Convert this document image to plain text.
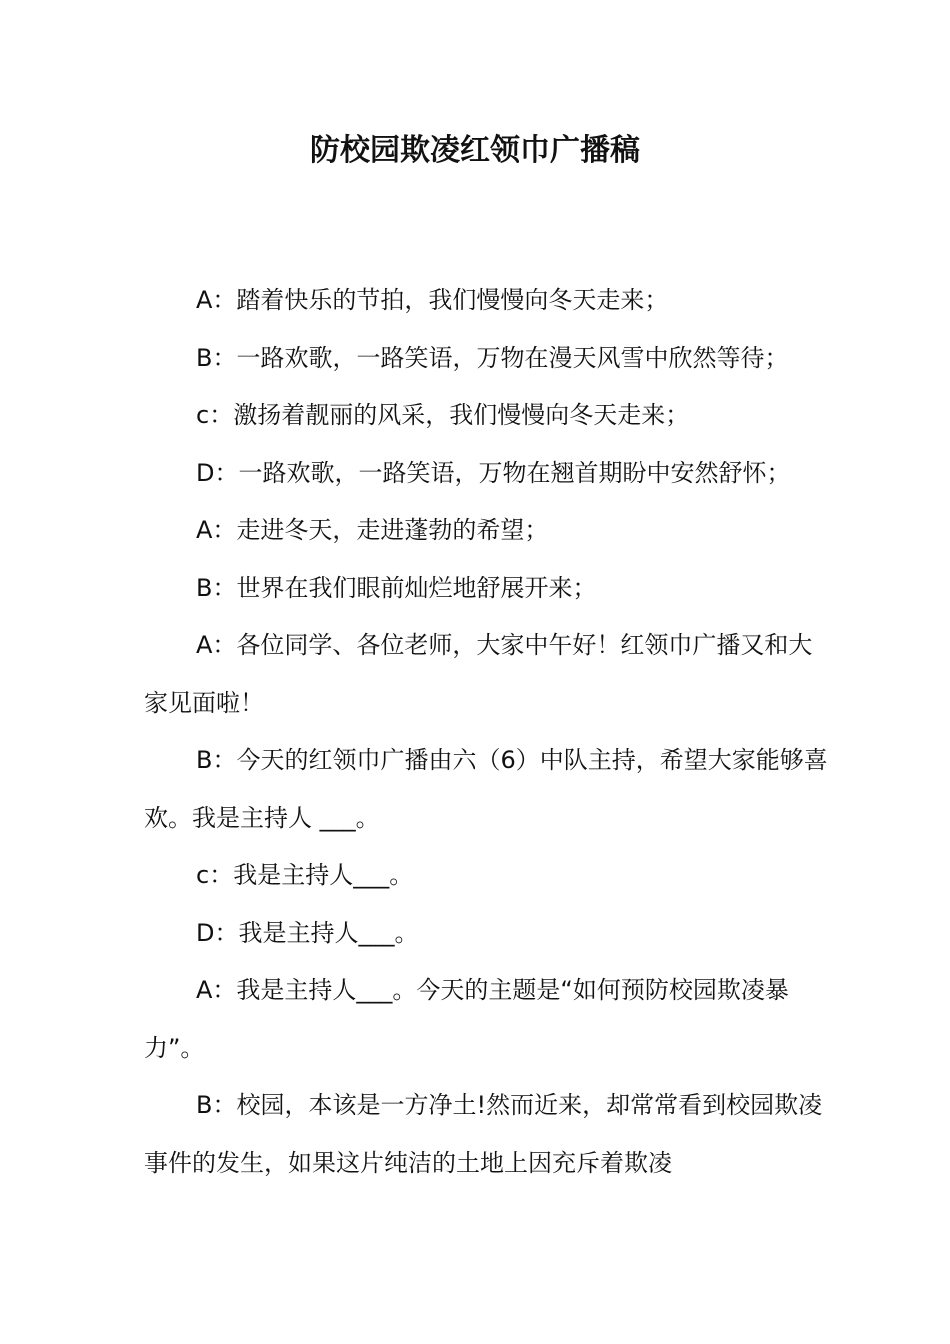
防校园欺凌红领巾广播稿

A：踏着快乐的节拍，我们慢慢向冬天走来；

B：一路欢歌，一路笑语，万物在漫天风雪中欣然等待；

c：激扬着靓丽的风采，我们慢慢向冬天走来；

D：一路欢歌，一路笑语，万物在翘首期盼中安然舒怀；

A：走进冬天，走进蓬勃的希望；

B：世界在我们眼前灿烂地舒展开来；

A：各位同学、各位老师，大家中午好！红领巾广播又和大家见面啦！

B：今天的红领巾广播由六（6）中队主持，希望大家能够喜欢。我是主持人 ___。

c：我是主持人___。

D：我是主持人___。

A：我是主持人___。今天的主题是“如何预防校园欺凌暴力”。

B：校园，本该是一方净土!然而近来，却常常看到校园欺凌事件的发生，如果这片纯洁的土地上因充斥着欺凌
